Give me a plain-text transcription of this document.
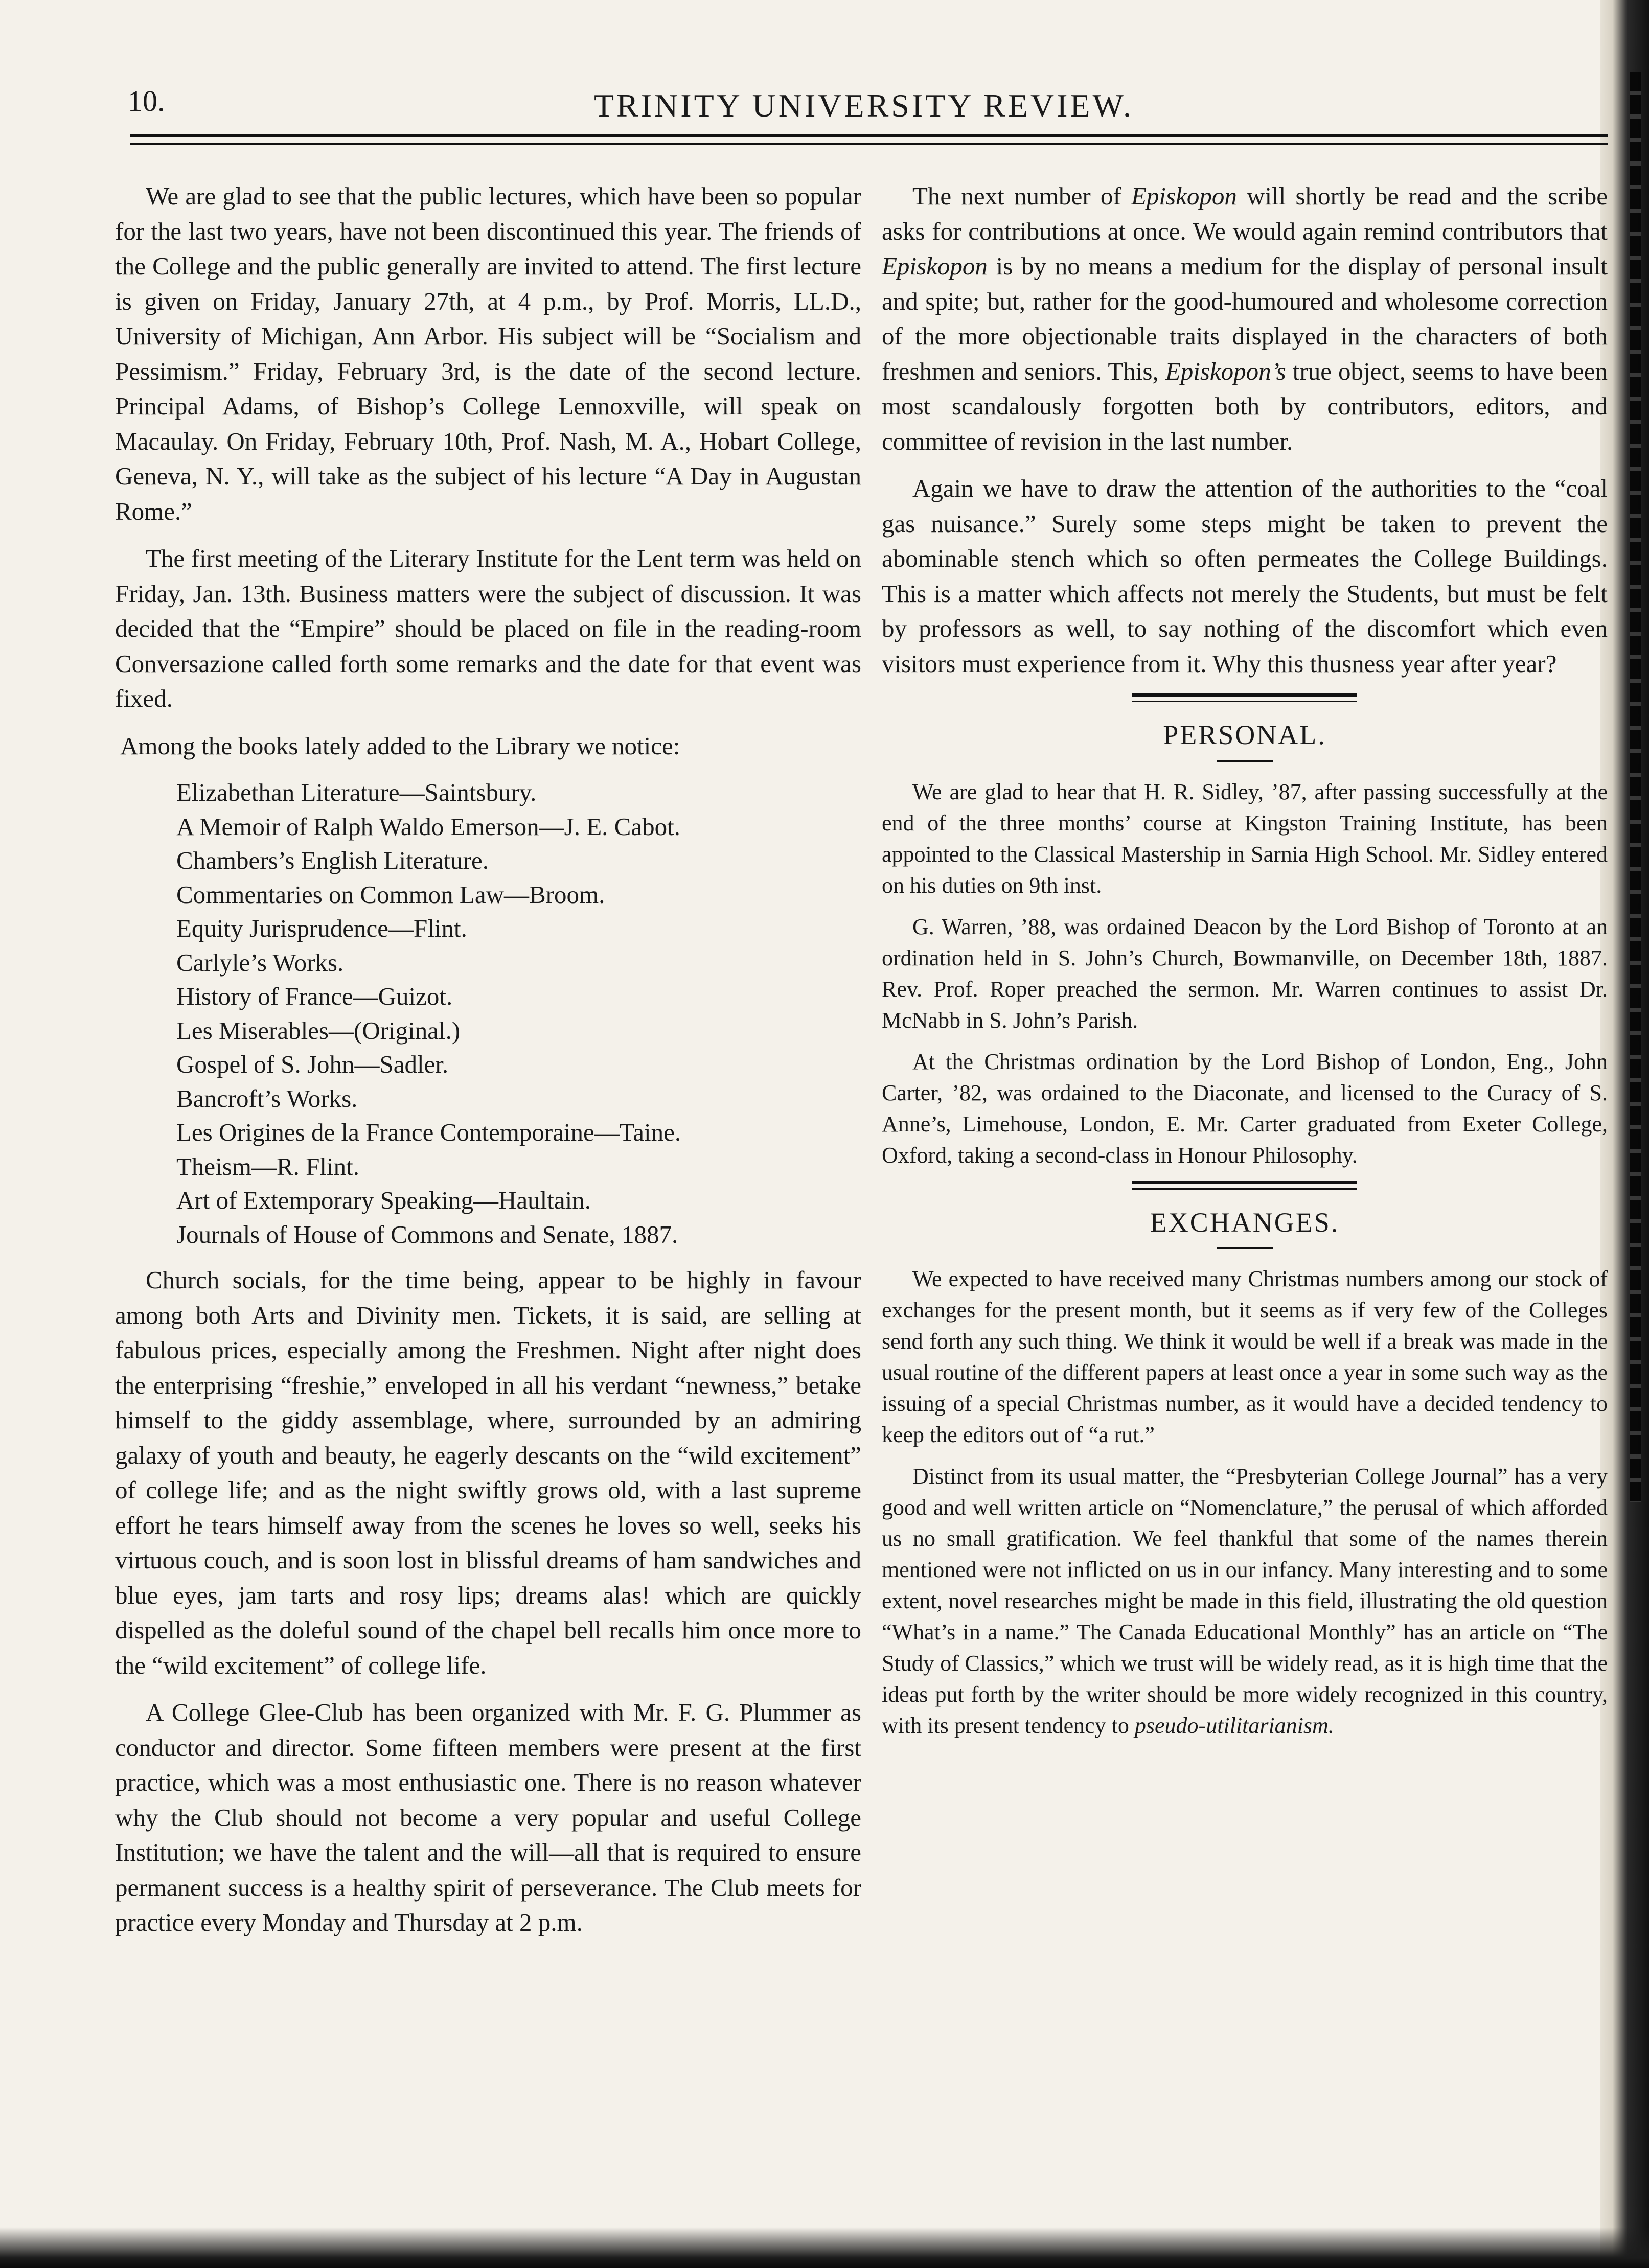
10.	TRINITY UNIVERSITY REVIEW.

We are glad to see that the public lectures, which have been so popular for the last two years, have not been discontinued this year. The friends of the College and the public generally are invited to attend. The first lecture is given on Friday, January 27th, at 4 p.m., by Prof. Morris, LL.D., University of Michigan, Ann Arbor. His subject will be “Socialism and Pessimism.” Friday, February 3rd, is the date of the second lecture. Principal Adams, of Bishop’s College Lennoxville, will speak on Macaulay. On Friday, February 10th, Prof. Nash, M. A., Hobart College, Geneva, N. Y., will take as the subject of his lecture “A Day in Augustan Rome.”

The first meeting of the Literary Institute for the Lent term was held on Friday, Jan. 13th. Business matters were the subject of discussion. It was decided that the “Empire” should be placed on file in the reading-room Conversazione called forth some remarks and the date for that event was fixed.

Among the books lately added to the Library we notice:

Elizabethan Literature—Saintsbury.
A Memoir of Ralph Waldo Emerson—J. E. Cabot.
Chambers’s English Literature.
Commentaries on Common Law—Broom.
Equity Jurisprudence—Flint.
Carlyle’s Works.
History of France—Guizot.
Les Miserables—(Original.)
Gospel of S. John—Sadler.
Bancroft’s Works.
Les Origines de la France Contemporaine—Taine.
Theism—R. Flint.
Art of Extemporary Speaking—Haultain.
Journals of House of Commons and Senate, 1887.

Church socials, for the time being, appear to be highly in favour among both Arts and Divinity men. Tickets, it is said, are selling at fabulous prices, especially among the Freshmen. Night after night does the enterprising “freshie,” enveloped in all his verdant “newness,” betake himself to the giddy assemblage, where, surrounded by an admiring galaxy of youth and beauty, he eagerly descants on the “wild excitement” of college life; and as the night swiftly grows old, with a last supreme effort he tears himself away from the scenes he loves so well, seeks his virtuous couch, and is soon lost in blissful dreams of ham sandwiches and blue eyes, jam tarts and rosy lips; dreams alas! which are quickly dispelled as the doleful sound of the chapel bell recalls him once more to the “wild excitement” of college life.

A College Glee-Club has been organized with Mr. F. G. Plummer as conductor and director. Some fifteen members were present at the first practice, which was a most enthusiastic one. There is no reason whatever why the Club should not become a very popular and useful College Institution; we have the talent and the will—all that is required to ensure permanent success is a healthy spirit of perseverance. The Club meets for practice every Monday and Thursday at 2 p.m.

The next number of Episkopon will shortly be read and the scribe asks for contributions at once. We would again remind contributors that Episkopon is by no means a medium for the display of personal insult and spite; but, rather for the good-humoured and wholesome correction of the more objectionable traits displayed in the characters of both freshmen and seniors. This, Episkopon’s true object, seems to have been most scandalously forgotten both by contributors, editors, and committee of revision in the last number.

Again we have to draw the attention of the authorities to the “coal gas nuisance.” Surely some steps might be taken to prevent the abominable stench which so often permeates the College Buildings. This is a matter which affects not merely the Students, but must be felt by professors as well, to say nothing of the discomfort which even visitors must experience from it. Why this thusness year after year?

PERSONAL.

We are glad to hear that H. R. Sidley, ’87, after passing successfully at the end of the three months’ course at Kingston Training Institute, has been appointed to the Classical Mastership in Sarnia High School. Mr. Sidley entered on his duties on 9th inst.

G. Warren, ’88, was ordained Deacon by the Lord Bishop of Toronto at an ordination held in S. John’s Church, Bowmanville, on December 18th, 1887. Rev. Prof. Roper preached the sermon. Mr. Warren continues to assist Dr. McNabb in S. John’s Parish.

At the Christmas ordination by the Lord Bishop of London, Eng., John Carter, ’82, was ordained to the Diaconate, and licensed to the Curacy of S. Anne’s, Limehouse, London, E. Mr. Carter graduated from Exeter College, Oxford, taking a second-class in Honour Philosophy.

EXCHANGES.

We expected to have received many Christmas numbers among our stock of exchanges for the present month, but it seems as if very few of the Colleges send forth any such thing. We think it would be well if a break was made in the usual routine of the different papers at least once a year in some such way as the issuing of a special Christmas number, as it would have a decided tendency to keep the editors out of “a rut.”

Distinct from its usual matter, the “Presbyterian College Journal” has a very good and well written article on “Nomenclature,” the perusal of which afforded us no small gratification. We feel thankful that some of the names therein mentioned were not inflicted on us in our infancy. Many interesting and to some extent, novel researches might be made in this field, illustrating the old question “What’s in a name.” The Canada Educational Monthly” has an article on “The Study of Classics,” which we trust will be widely read, as it is high time that the ideas put forth by the writer should be more widely recognized in this country, with its present tendency to pseudo-utilitarianism.
